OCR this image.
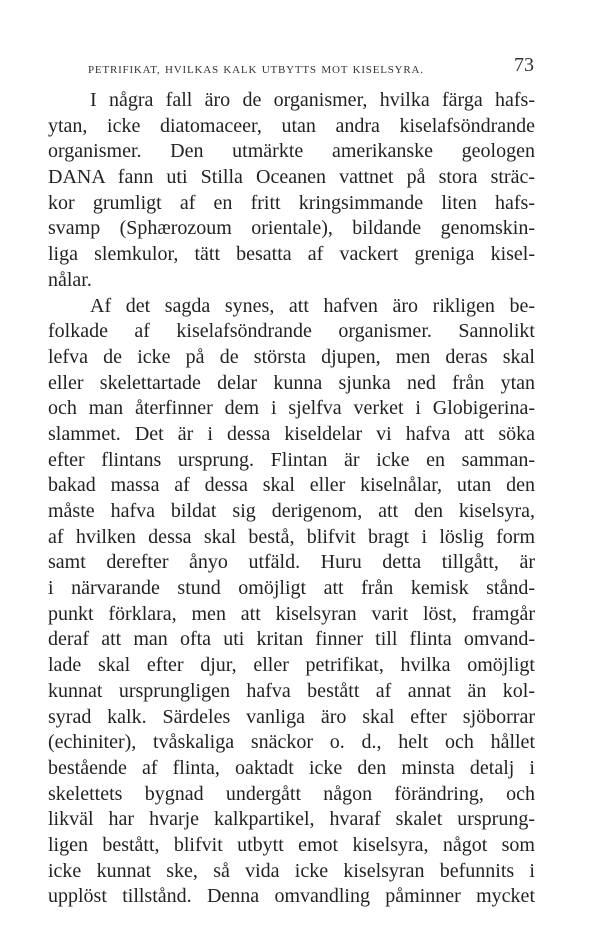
PETRIFIKAT, HVILKAS KALK UTBYTTS MOT KISELSYRA.	73
I några fall äro de organismer, hvilka färga hafs-
ytan, icke diatomaceer, utan andra kiselafsöndrande
organismer. Den utmärkte amerikanske geologen
DANA fann uti Stilla Oceanen vattnet på stora sträc-
kor grumligt af en fritt kringsimmande liten hafs-
svamp (Sphærozoum orientale), bildande genomskin-
liga slemkulor, tätt besatta af vackert greniga kisel-
nålar.
Af det sagda synes, att hafven äro rikligen be-
folkade af kiselafsöndrande organismer. Sannolikt
lefva de icke på de största djupen, men deras skal
eller skelettartade delar kunna sjunka ned från ytan
och man återfinner dem i sjelfva verket i Globigerina-
slammet. Det är i dessa kiseldelar vi hafva att söka
efter flintans ursprung. Flintan är icke en samman-
bakad massa af dessa skal eller kiselnålar, utan den
måste hafva bildat sig derigenom, att den kiselsyra,
af hvilken dessa skal bestå, blifvit bragt i löslig form
samt derefter ånyo utfäld. Huru detta tillgått, är
i närvarande stund omöjligt att från kemisk stånd-
punkt förklara, men att kiselsyran varit löst, framgår
deraf att man ofta uti kritan finner till flinta omvand-
lade skal efter djur, eller petrifikat, hvilka omöjligt
kunnat ursprungligen hafva bestått af annat än kol-
syrad kalk. Särdeles vanliga äro skal efter sjöborrar
(echiniter), tvåskaliga snäckor o. d., helt och hållet
bestående af flinta, oaktadt icke den minsta detalj i
skelettets bygnad undergått någon förändring, och
likväl har hvarje kalkpartikel, hvaraf skalet ursprung-
ligen bestått, blifvit utbytt emot kiselsyra, något som
icke kunnat ske, så vida icke kiselsyran befunnits i
upplöst tillstånd. Denna omvandling påminner mycket
